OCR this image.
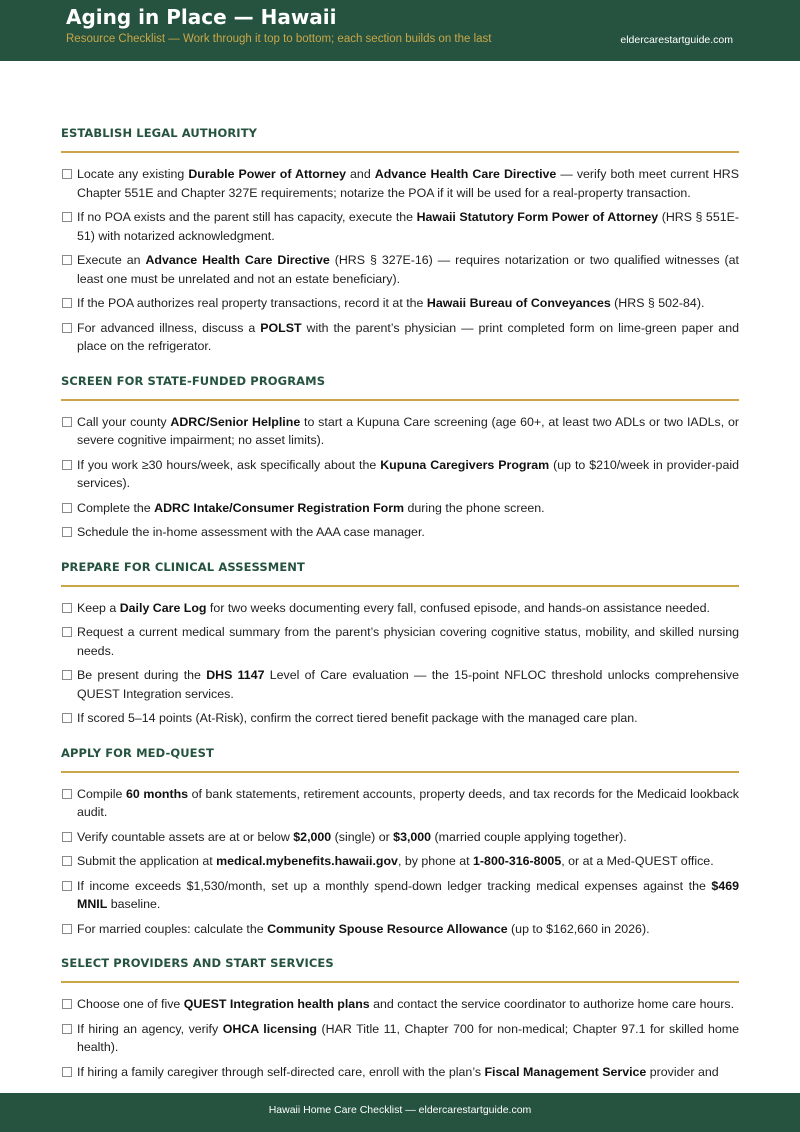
Aging in Place — Hawaii
Resource Checklist — Work through it top to bottom; each section builds on the last	eldercarestartguide.com
ESTABLISH LEGAL AUTHORITY
Locate any existing Durable Power of Attorney and Advance Health Care Directive — verify both meet current HRS Chapter 551E and Chapter 327E requirements; notarize the POA if it will be used for a real-property transaction.
If no POA exists and the parent still has capacity, execute the Hawaii Statutory Form Power of Attorney (HRS § 551E-51) with notarized acknowledgment.
Execute an Advance Health Care Directive (HRS § 327E-16) — requires notarization or two qualified witnesses (at least one must be unrelated and not an estate beneficiary).
If the POA authorizes real property transactions, record it at the Hawaii Bureau of Conveyances (HRS § 502-84).
For advanced illness, discuss a POLST with the parent’s physician — print completed form on lime-green paper and place on the refrigerator.
SCREEN FOR STATE-FUNDED PROGRAMS
Call your county ADRC/Senior Helpline to start a Kupuna Care screening (age 60+, at least two ADLs or two IADLs, or severe cognitive impairment; no asset limits).
If you work ≥30 hours/week, ask specifically about the Kupuna Caregivers Program (up to $210/week in provider-paid services).
Complete the ADRC Intake/Consumer Registration Form during the phone screen.
Schedule the in-home assessment with the AAA case manager.
PREPARE FOR CLINICAL ASSESSMENT
Keep a Daily Care Log for two weeks documenting every fall, confused episode, and hands-on assistance needed.
Request a current medical summary from the parent’s physician covering cognitive status, mobility, and skilled nursing needs.
Be present during the DHS 1147 Level of Care evaluation — the 15-point NFLOC threshold unlocks comprehensive QUEST Integration services.
If scored 5–14 points (At-Risk), confirm the correct tiered benefit package with the managed care plan.
APPLY FOR MED-QUEST
Compile 60 months of bank statements, retirement accounts, property deeds, and tax records for the Medicaid lookback audit.
Verify countable assets are at or below $2,000 (single) or $3,000 (married couple applying together).
Submit the application at medical.mybenefits.hawaii.gov, by phone at 1-800-316-8005, or at a Med-QUEST office.
If income exceeds $1,530/month, set up a monthly spend-down ledger tracking medical expenses against the $469 MNIL baseline.
For married couples: calculate the Community Spouse Resource Allowance (up to $162,660 in 2026).
SELECT PROVIDERS AND START SERVICES
Choose one of five QUEST Integration health plans and contact the service coordinator to authorize home care hours.
If hiring an agency, verify OHCA licensing (HAR Title 11, Chapter 700 for non-medical; Chapter 97.1 for skilled home health).
If hiring a family caregiver through self-directed care, enroll with the plan’s Fiscal Management Service provider and
Hawaii Home Care Checklist — eldercarestartguide.com
